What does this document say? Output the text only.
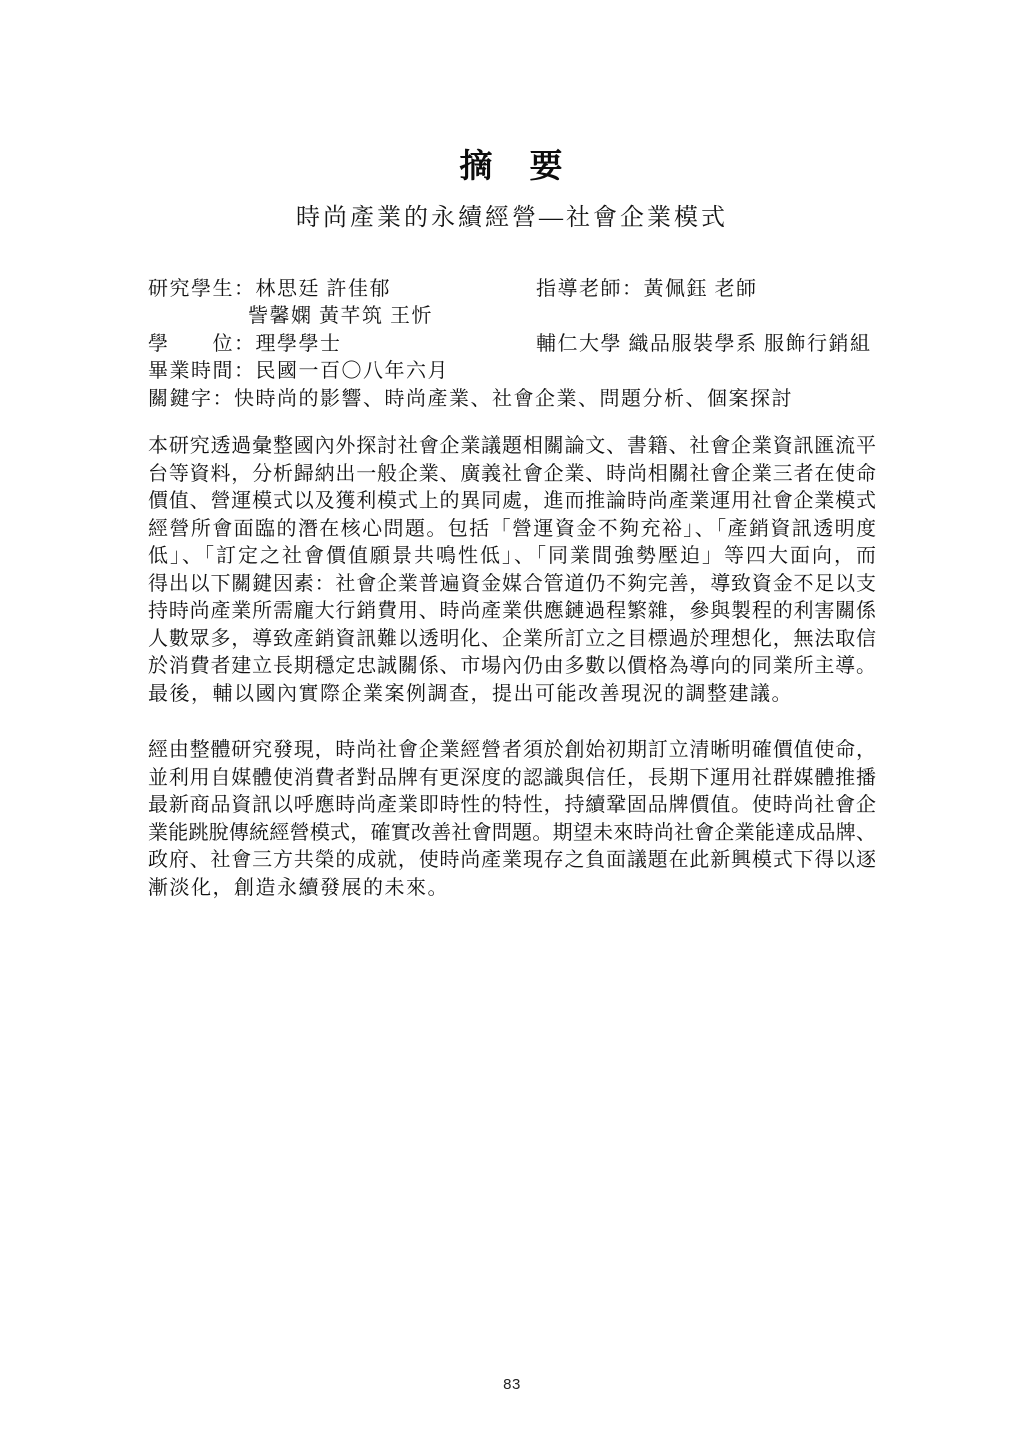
摘　要
時尚產業的永續經營—社會企業模式
研究學生：林思廷 許佳郁	指導老師：黃佩鈺 老師
訾馨嫻 黃芊筑 王忻
學　　位：理學學士	輔仁大學 織品服裝學系 服飾行銷組
畢業時間：民國一百〇八年六月
關鍵字：快時尚的影響、時尚產業、社會企業、問題分析、個案探討
本研究透過彙整國內外探討社會企業議題相關論文、書籍、社會企業資訊匯流平
台等資料，分析歸納出一般企業、廣義社會企業、時尚相關社會企業三者在使命
價值、營運模式以及獲利模式上的異同處，進而推論時尚產業運用社會企業模式
經營所會面臨的潛在核心問題。包括「營運資金不夠充裕」、「產銷資訊透明度
低」、「訂定之社會價值願景共鳴性低」、「同業間強勢壓迫」等四大面向，而
得出以下關鍵因素：社會企業普遍資金媒合管道仍不夠完善，導致資金不足以支
持時尚產業所需龐大行銷費用、時尚產業供應鏈過程繁雜，參與製程的利害關係
人數眾多，導致產銷資訊難以透明化、企業所訂立之目標過於理想化，無法取信
於消費者建立長期穩定忠誠關係、市場內仍由多數以價格為導向的同業所主導。
最後，輔以國內實際企業案例調查，提出可能改善現況的調整建議。
經由整體研究發現，時尚社會企業經營者須於創始初期訂立清晰明確價值使命，
並利用自媒體使消費者對品牌有更深度的認識與信任，長期下運用社群媒體推播
最新商品資訊以呼應時尚產業即時性的特性，持續鞏固品牌價值。使時尚社會企
業能跳脫傳統經營模式，確實改善社會問題。期望未來時尚社會企業能達成品牌、
政府、社會三方共榮的成就，使時尚產業現存之負面議題在此新興模式下得以逐
漸淡化，創造永續發展的未來。
83
